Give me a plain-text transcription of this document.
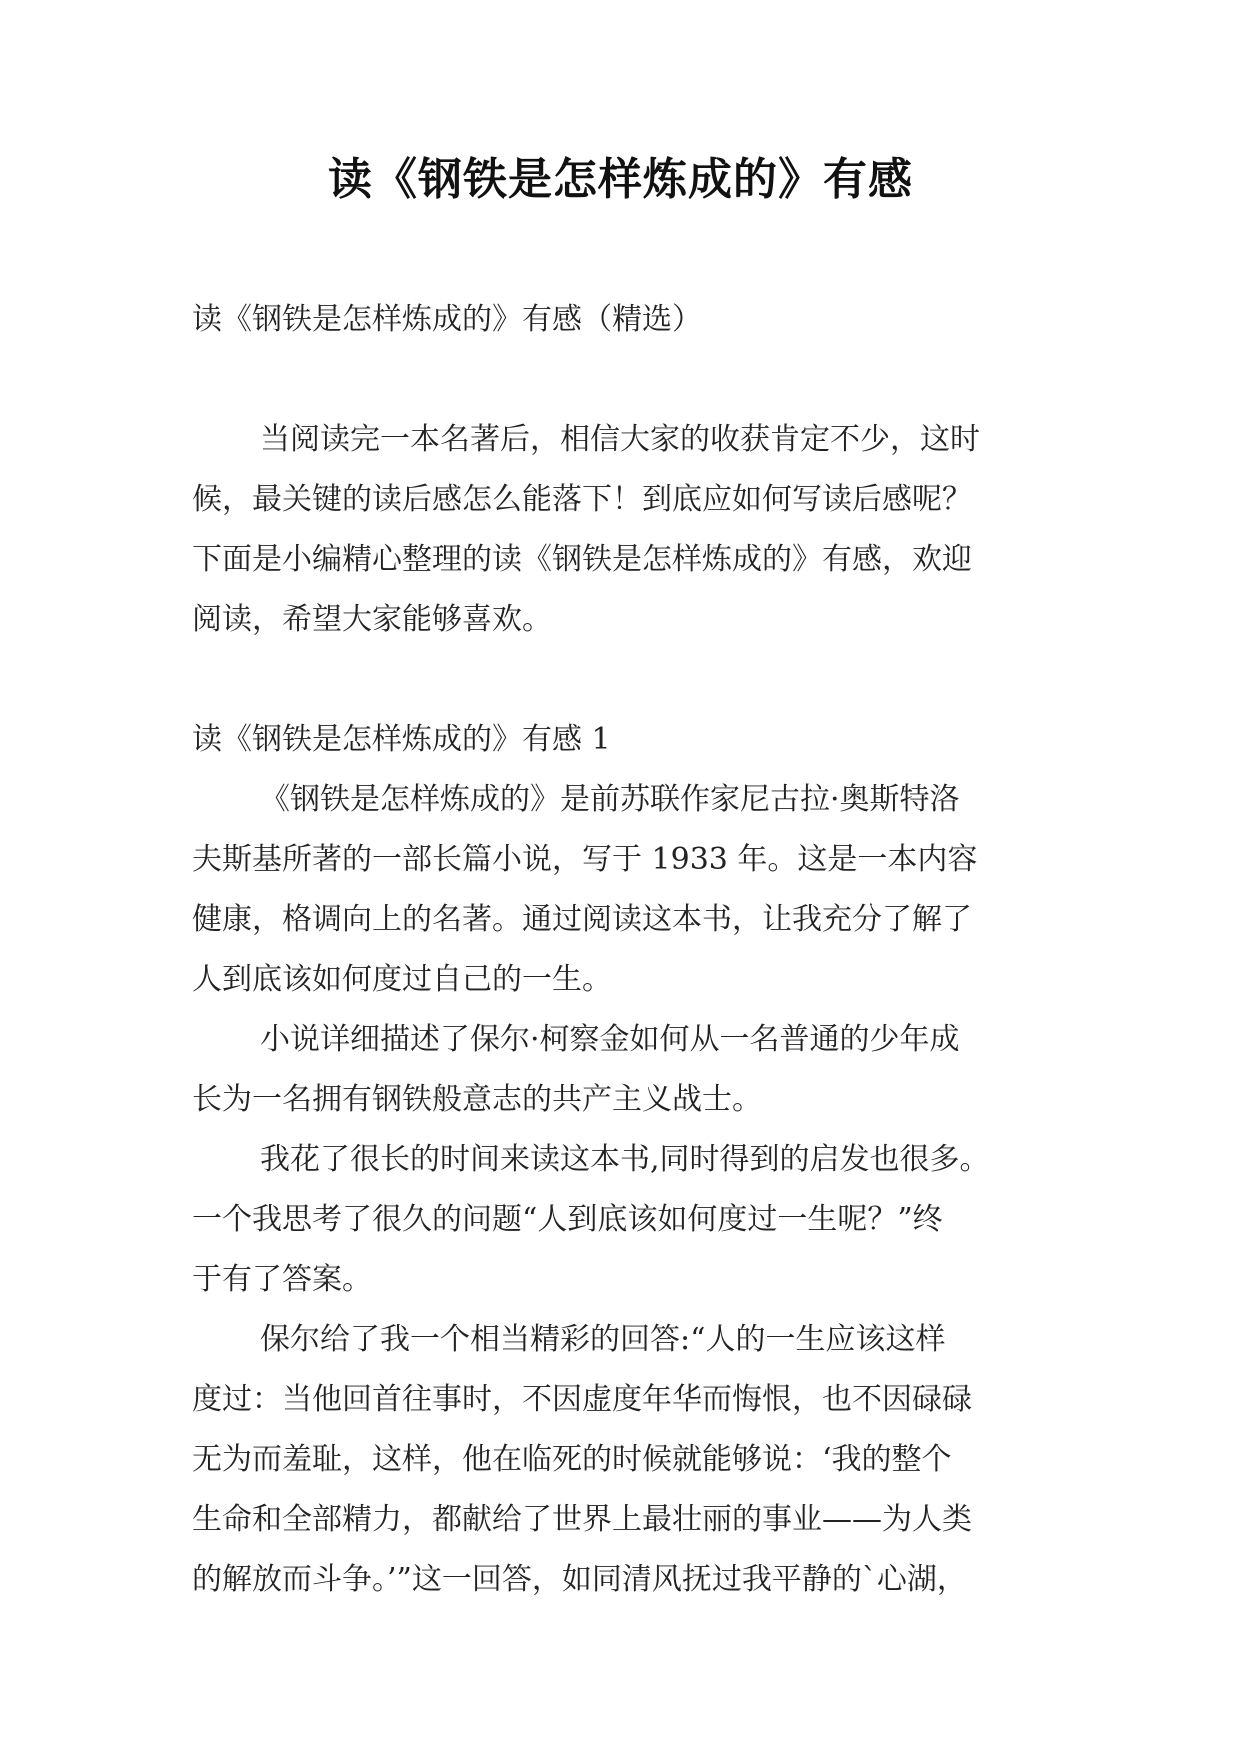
读《钢铁是怎样炼成的》有感
读《钢铁是怎样炼成的》有感（精选）
当阅读完一本名著后，相信大家的收获肯定不少，这时
候，最关键的读后感怎么能落下！到底应如何写读后感呢？
下面是小编精心整理的读《钢铁是怎样炼成的》有感，欢迎
阅读，希望大家能够喜欢。
读《钢铁是怎样炼成的》有感 1
《钢铁是怎样炼成的》是前苏联作家尼古拉·奥斯特洛
夫斯基所著的一部长篇小说，写于 1933 年。这是一本内容
健康，格调向上的名著。通过阅读这本书，让我充分了解了
人到底该如何度过自己的一生。
小说详细描述了保尔·柯察金如何从一名普通的少年成
长为一名拥有钢铁般意志的共产主义战士。
我花了很长的时间来读这本书,同时得到的启发也很多。
一个我思考了很久的问题“人到底该如何度过一生呢？”终
于有了答案。
保尔给了我一个相当精彩的回答:“人的一生应该这样
度过：当他回首往事时，不因虚度年华而悔恨，也不因碌碌
无为而羞耻，这样，他在临死的时候就能够说：‘我的整个
生命和全部精力，都献给了世界上最壮丽的事业——为人类
的解放而斗争。’”这一回答，如同清风抚过我平静的`心湖，
